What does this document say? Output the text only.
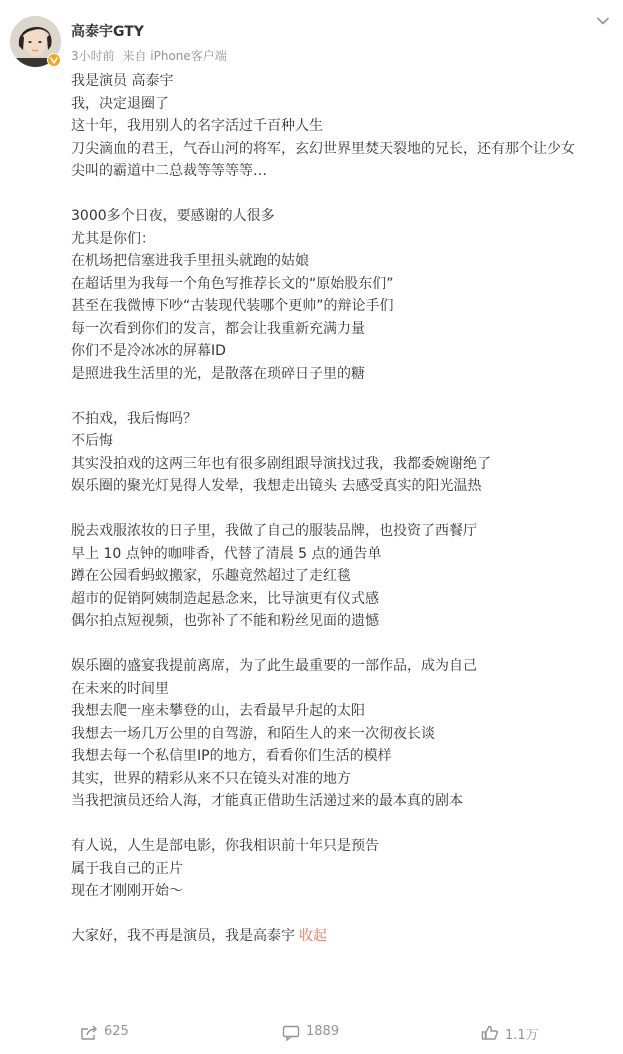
高泰宇GTY
3小时前 来自 iPhone客户端
我是演员 高泰宇
我，决定退圈了
这十年，我用别人的名字活过千百种人生
刀尖滴血的君王，气吞山河的将军，玄幻世界里焚天裂地的兄长，还有那个让少女
尖叫的霸道中二总裁等等等等…
3000多个日夜，要感谢的人很多
尤其是你们：
在机场把信塞进我手里扭头就跑的姑娘
在超话里为我每一个角色写推荐长文的“原始股东们”
甚至在我微博下吵“古装现代装哪个更帅”的辩论手们
每一次看到你们的发言，都会让我重新充满力量
你们不是冷冰冰的屏幕ID
是照进我生活里的光，是散落在琐碎日子里的糖
不拍戏，我后悔吗？
不后悔
其实没拍戏的这两三年也有很多剧组跟导演找过我，我都委婉谢绝了
娱乐圈的聚光灯晃得人发晕，我想走出镜头 去感受真实的阳光温热
脱去戏服浓妆的日子里，我做了自己的服装品牌，也投资了西餐厅
早上 10 点钟的咖啡香，代替了清晨 5 点的通告单
蹲在公园看蚂蚁搬家，乐趣竟然超过了走红毯
超市的促销阿姨制造起悬念来，比导演更有仪式感
偶尔拍点短视频，也弥补了不能和粉丝见面的遗憾
娱乐圈的盛宴我提前离席，为了此生最重要的一部作品，成为自己
在未来的时间里
我想去爬一座未攀登的山，去看最早升起的太阳
我想去一场几万公里的自驾游，和陌生人的来一次彻夜长谈
我想去每一个私信里IP的地方，看看你们生活的模样
其实，世界的精彩从来不只在镜头对准的地方
当我把演员还给人海，才能真正借助生活递过来的最本真的剧本
有人说，人生是部电影，你我相识前十年只是预告
属于我自己的正片
现在才刚刚开始～
大家好，我不再是演员，我是高泰宇 收起
625	1889	1.1万
